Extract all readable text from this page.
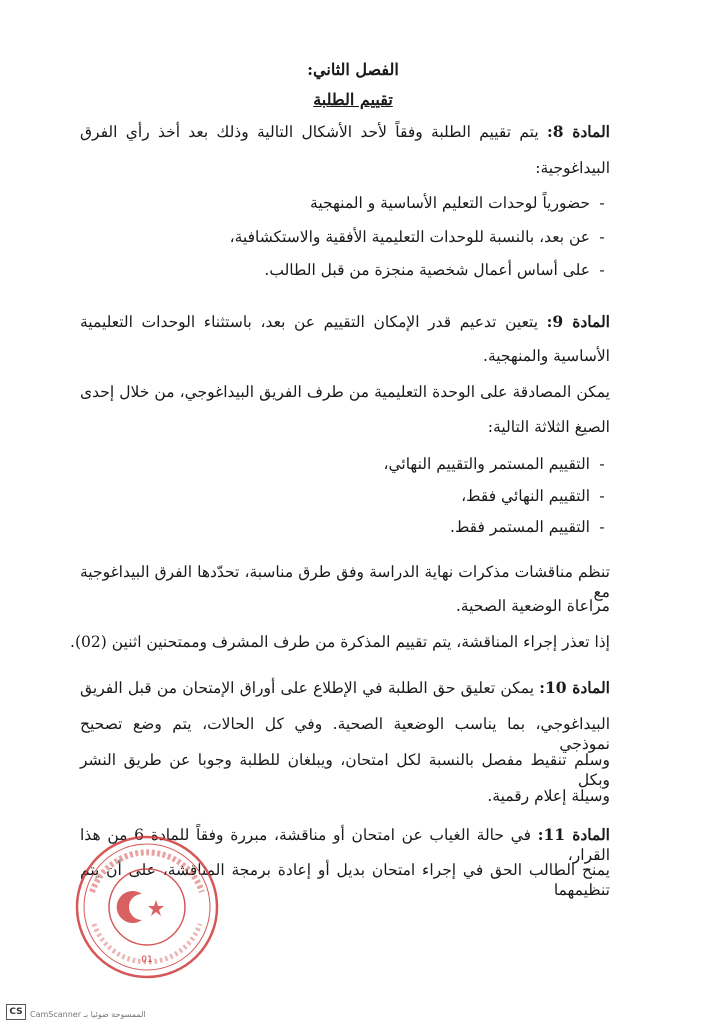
الفصل الثاني:
تقييم الطلبة
المادة 8: يتم تقييم الطلبة وفقاً لأحد الأشكال التالية وذلك بعد أخذ رأي الفرق
البيداغوجية:
-
حضورياً لوحدات التعليم الأساسية و المنهجية
-
عن بعد، بالنسبة للوحدات التعليمية الأفقية والاستكشافية،
-
على أساس أعمال شخصية منجزة من قبل الطالب.
المادة 9: يتعين تدعيم قدر الإمكان التقييم عن بعد، باستثناء الوحدات التعليمية
الأساسية والمنهجية.
يمكن المصادقة على الوحدة التعليمية من طرف الفريق البيداغوجي، من خلال إحدى
الصيغ الثلاثة التالية:
-
التقييم المستمر والتقييم النهائي،
-
التقييم النهائي فقط،
-
التقييم المستمر فقط.
تنظم مناقشات مذكرات نهاية الدراسة وفق طرق مناسبة، تحدّدها الفرق البيداغوجية مع
مراعاة الوضعية الصحية.
إذا تعذر إجراء المناقشة، يتم تقييم المذكرة من طرف المشرف وممتحنين اثنين (02).
المادة 10: يمكن تعليق حق الطلبة في الإطلاع على أوراق الإمتحان من قبل الفريق
البيداغوجي، بما يناسب الوضعية الصحية. وفي كل الحالات، يتم وضع تصحيح نموذجي
وسلم تنقيط مفصل بالنسبة لكل امتحان، ويبلغان للطلبة وجوبا عن طريق النشر وبكل
وسيلة إعلام رقمية.
المادة 11: في حالة الغياب عن امتحان أو مناقشة، مبررة وفقاً للمادة 6 من هذا القرار،
يمنح الطالب الحق في إجراء امتحان بديل أو إعادة برمجة المناقشة، على أن يتم تنظيمهما
01
CS CamScanner الممسوحة ضوئيا بـ
